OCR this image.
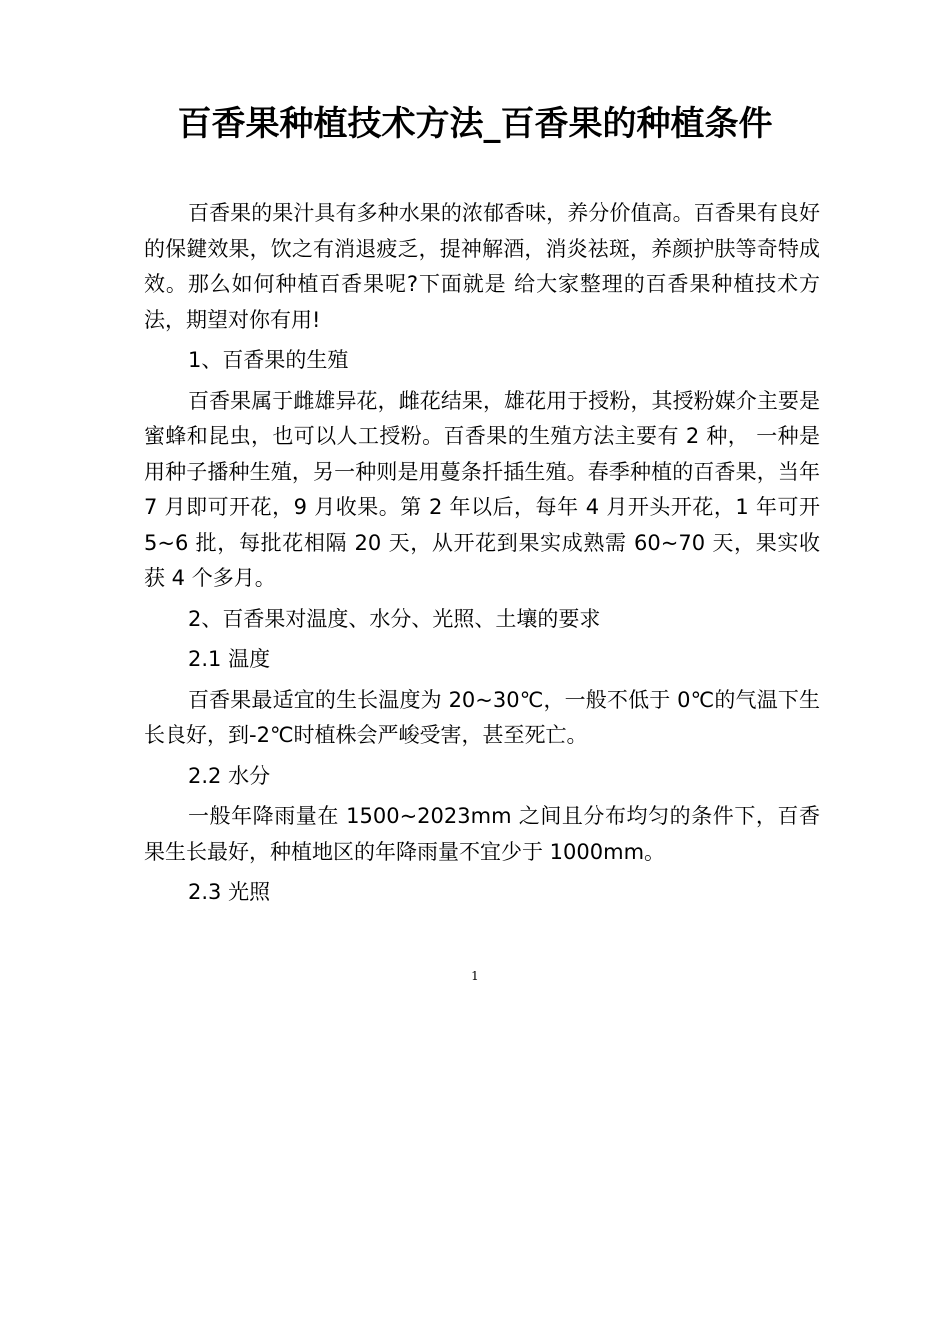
百香果种植技术方法_百香果的种植条件

百香果的果汁具有多种水果的浓郁香味，养分价值高。百香果有良好的保鍵效果，饮之有消退疲乏，提神解酒，消炎祛斑，养颜护肤等奇特成效。那么如何种植百香果呢?下面就是 给大家整理的百香果种植技术方法，期望对你有用!

1、百香果的生殖

百香果属于雌雄异花，雌花结果，雄花用于授粉，其授粉媒介主要是蜜蜂和昆虫，也可以人工授粉。百香果的生殖方法主要有 2 种， 一种是用种子播种生殖，另一种则是用蔓条扦插生殖。春季种植的百香果，当年 7 月即可开花，9 月收果。第 2 年以后，每年 4 月开头开花，1 年可开 5~6 批，每批花相隔 20 天，从开花到果实成熟需 60~70 天，果实收获 4 个多月。

2、百香果对温度、水分、光照、土壤的要求

2.1 温度

百香果最适宜的生长温度为 20~30℃，一般不低于 0℃的气温下生长良好，到-2℃时植株会严峻受害，甚至死亡。

2.2 水分

一般年降雨量在 1500~2023mm 之间且分布均匀的条件下，百香果生长最好，种植地区的年降雨量不宜少于 1000mm。

2.3 光照

1
